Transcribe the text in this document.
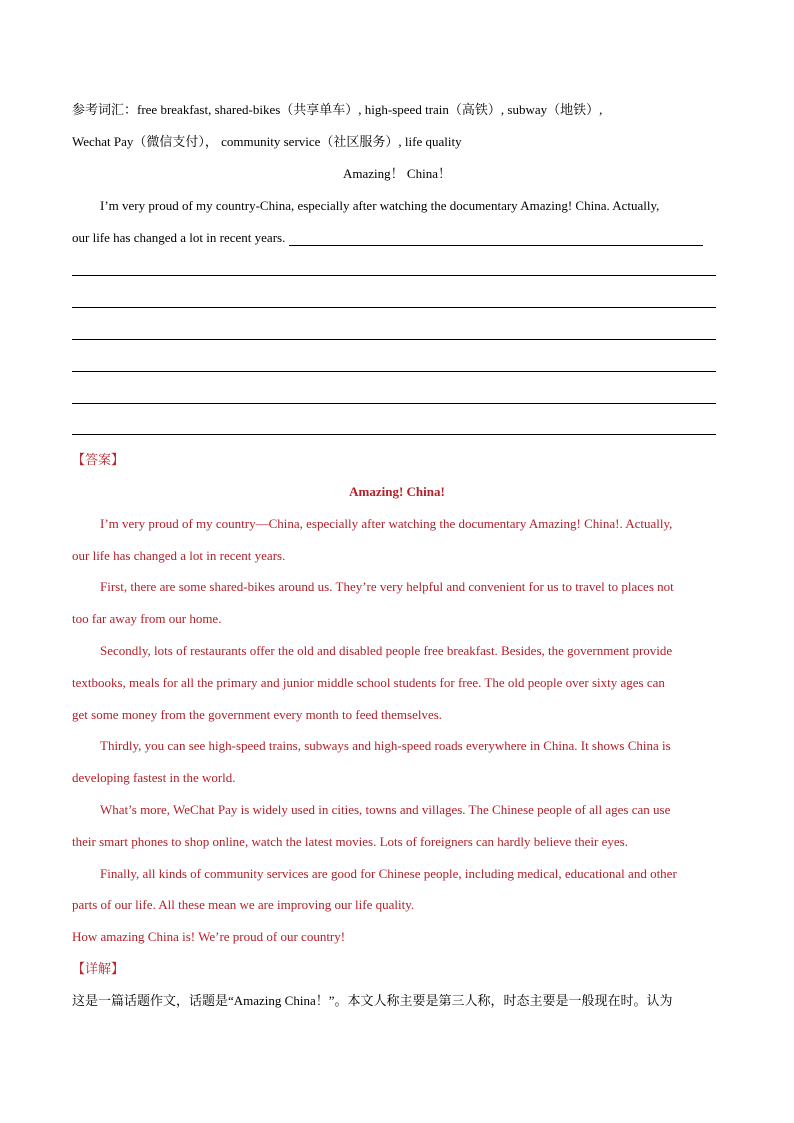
参考词汇：free breakfast, shared-bikes（共享单车）, high-speed train（高铁）, subway（地铁）,
Wechat Pay（微信支付）， community service（社区服务）, life quality
Amazing！ China！
I’m very proud of my country-China, especially after watching the documentary Amazing! China. Actually,
our life has changed a lot in recent years.
【答案】
Amazing! China!
I’m very proud of my country—China, especially after watching the documentary Amazing! China!. Actually,
our life has changed a lot in recent years.
First, there are some shared-bikes around us. They’re very helpful and convenient for us to travel to places not
too far away from our home.
Secondly, lots of restaurants offer the old and disabled people free breakfast. Besides, the government provide
textbooks, meals for all the primary and junior middle school students for free. The old people over sixty ages can
get some money from the government every month to feed themselves.
Thirdly, you can see high-speed trains, subways and high-speed roads everywhere in China. It shows China is
developing fastest in the world.
What’s more, WeChat Pay is widely used in cities, towns and villages. The Chinese people of all ages can use
their smart phones to shop online, watch the latest movies. Lots of foreigners can hardly believe their eyes.
Finally, all kinds of community services are good for Chinese people, including medical, educational and other
parts of our life. All these mean we are improving our life quality.
How amazing China is! We’re proud of our country!
【详解】
这是一篇话题作文，话题是“Amazing China！”。本文人称主要是第三人称，时态主要是一般现在时。认为
